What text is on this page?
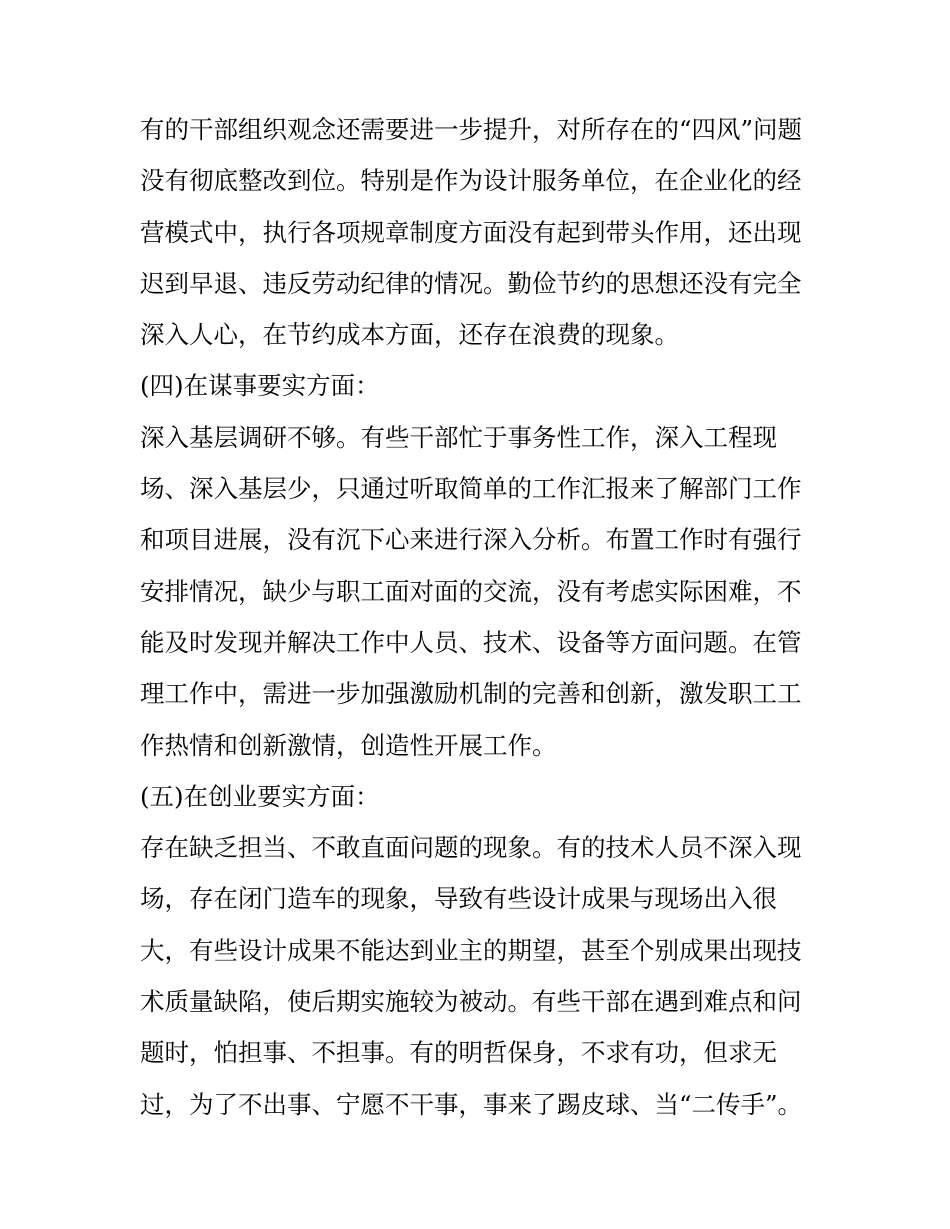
有的干部组织观念还需要进一步提升，对所存在的“四风”问题
没有彻底整改到位。特别是作为设计服务单位，在企业化的经
营模式中，执行各项规章制度方面没有起到带头作用，还出现
迟到早退、违反劳动纪律的情况。勤俭节约的思想还没有完全
深入人心，在节约成本方面，还存在浪费的现象。
(四)在谋事要实方面：
深入基层调研不够。有些干部忙于事务性工作，深入工程现
场、深入基层少，只通过听取简单的工作汇报来了解部门工作
和项目进展，没有沉下心来进行深入分析。布置工作时有强行
安排情况，缺少与职工面对面的交流，没有考虑实际困难，不
能及时发现并解决工作中人员、技术、设备等方面问题。在管
理工作中，需进一步加强激励机制的完善和创新，激发职工工
作热情和创新激情，创造性开展工作。
(五)在创业要实方面：
存在缺乏担当、不敢直面问题的现象。有的技术人员不深入现
场，存在闭门造车的现象，导致有些设计成果与现场出入很
大，有些设计成果不能达到业主的期望，甚至个别成果出现技
术质量缺陷，使后期实施较为被动。有些干部在遇到难点和问
题时，怕担事、不担事。有的明哲保身，不求有功，但求无
过，为了不出事、宁愿不干事，事来了踢皮球、当“二传手”。
